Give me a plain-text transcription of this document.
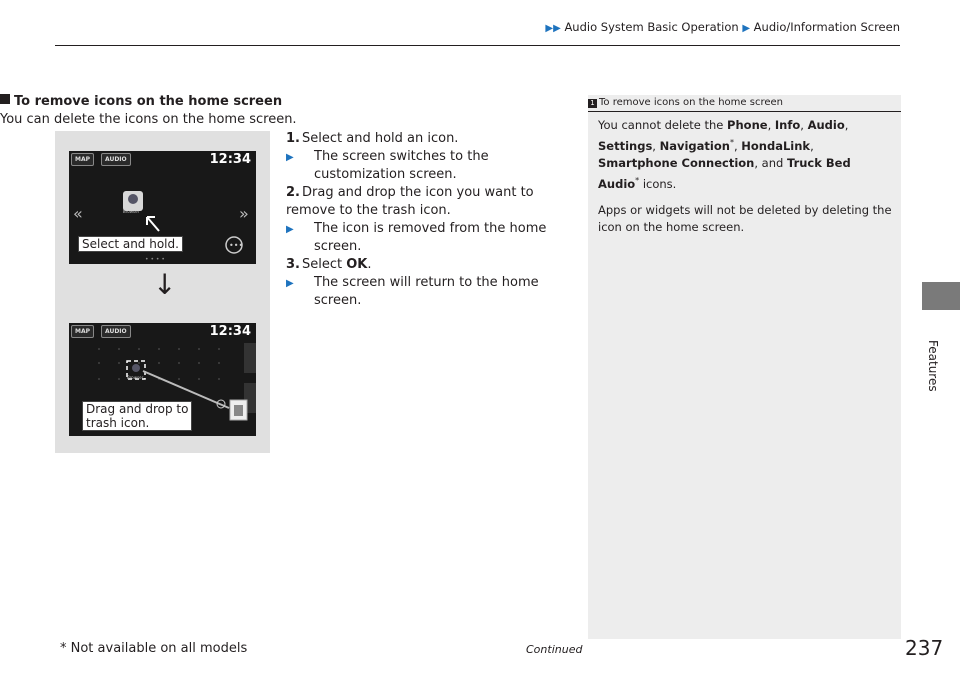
▶▶ Audio System Basic Operation ▶ Audio/Information Screen
Features
To remove icons on the home screen
You can delete the icons on the home screen.
1. Select and hold an icon.
▶	The screen switches to the customization screen.
2. Drag and drop the icon you want to remove to the trash icon.
▶	The icon is removed from the home screen.
3. Select OK.
▶	The screen will return to the home screen.
MAP	AUDIO	12:34
«	»
•••
• • • •
Browser
Select and hold.
↓
MAP	AUDIO	12:34
Browser
Drag and drop to
trash icon.
1 To remove icons on the home screen

You cannot delete the Phone, Info, Audio, Settings, Navigation*, HondaLink, Smartphone Connection, and Truck Bed Audio* icons.

Apps or widgets will not be deleted by deleting the icon on the home screen.

* Not available on all models	Continued	237
